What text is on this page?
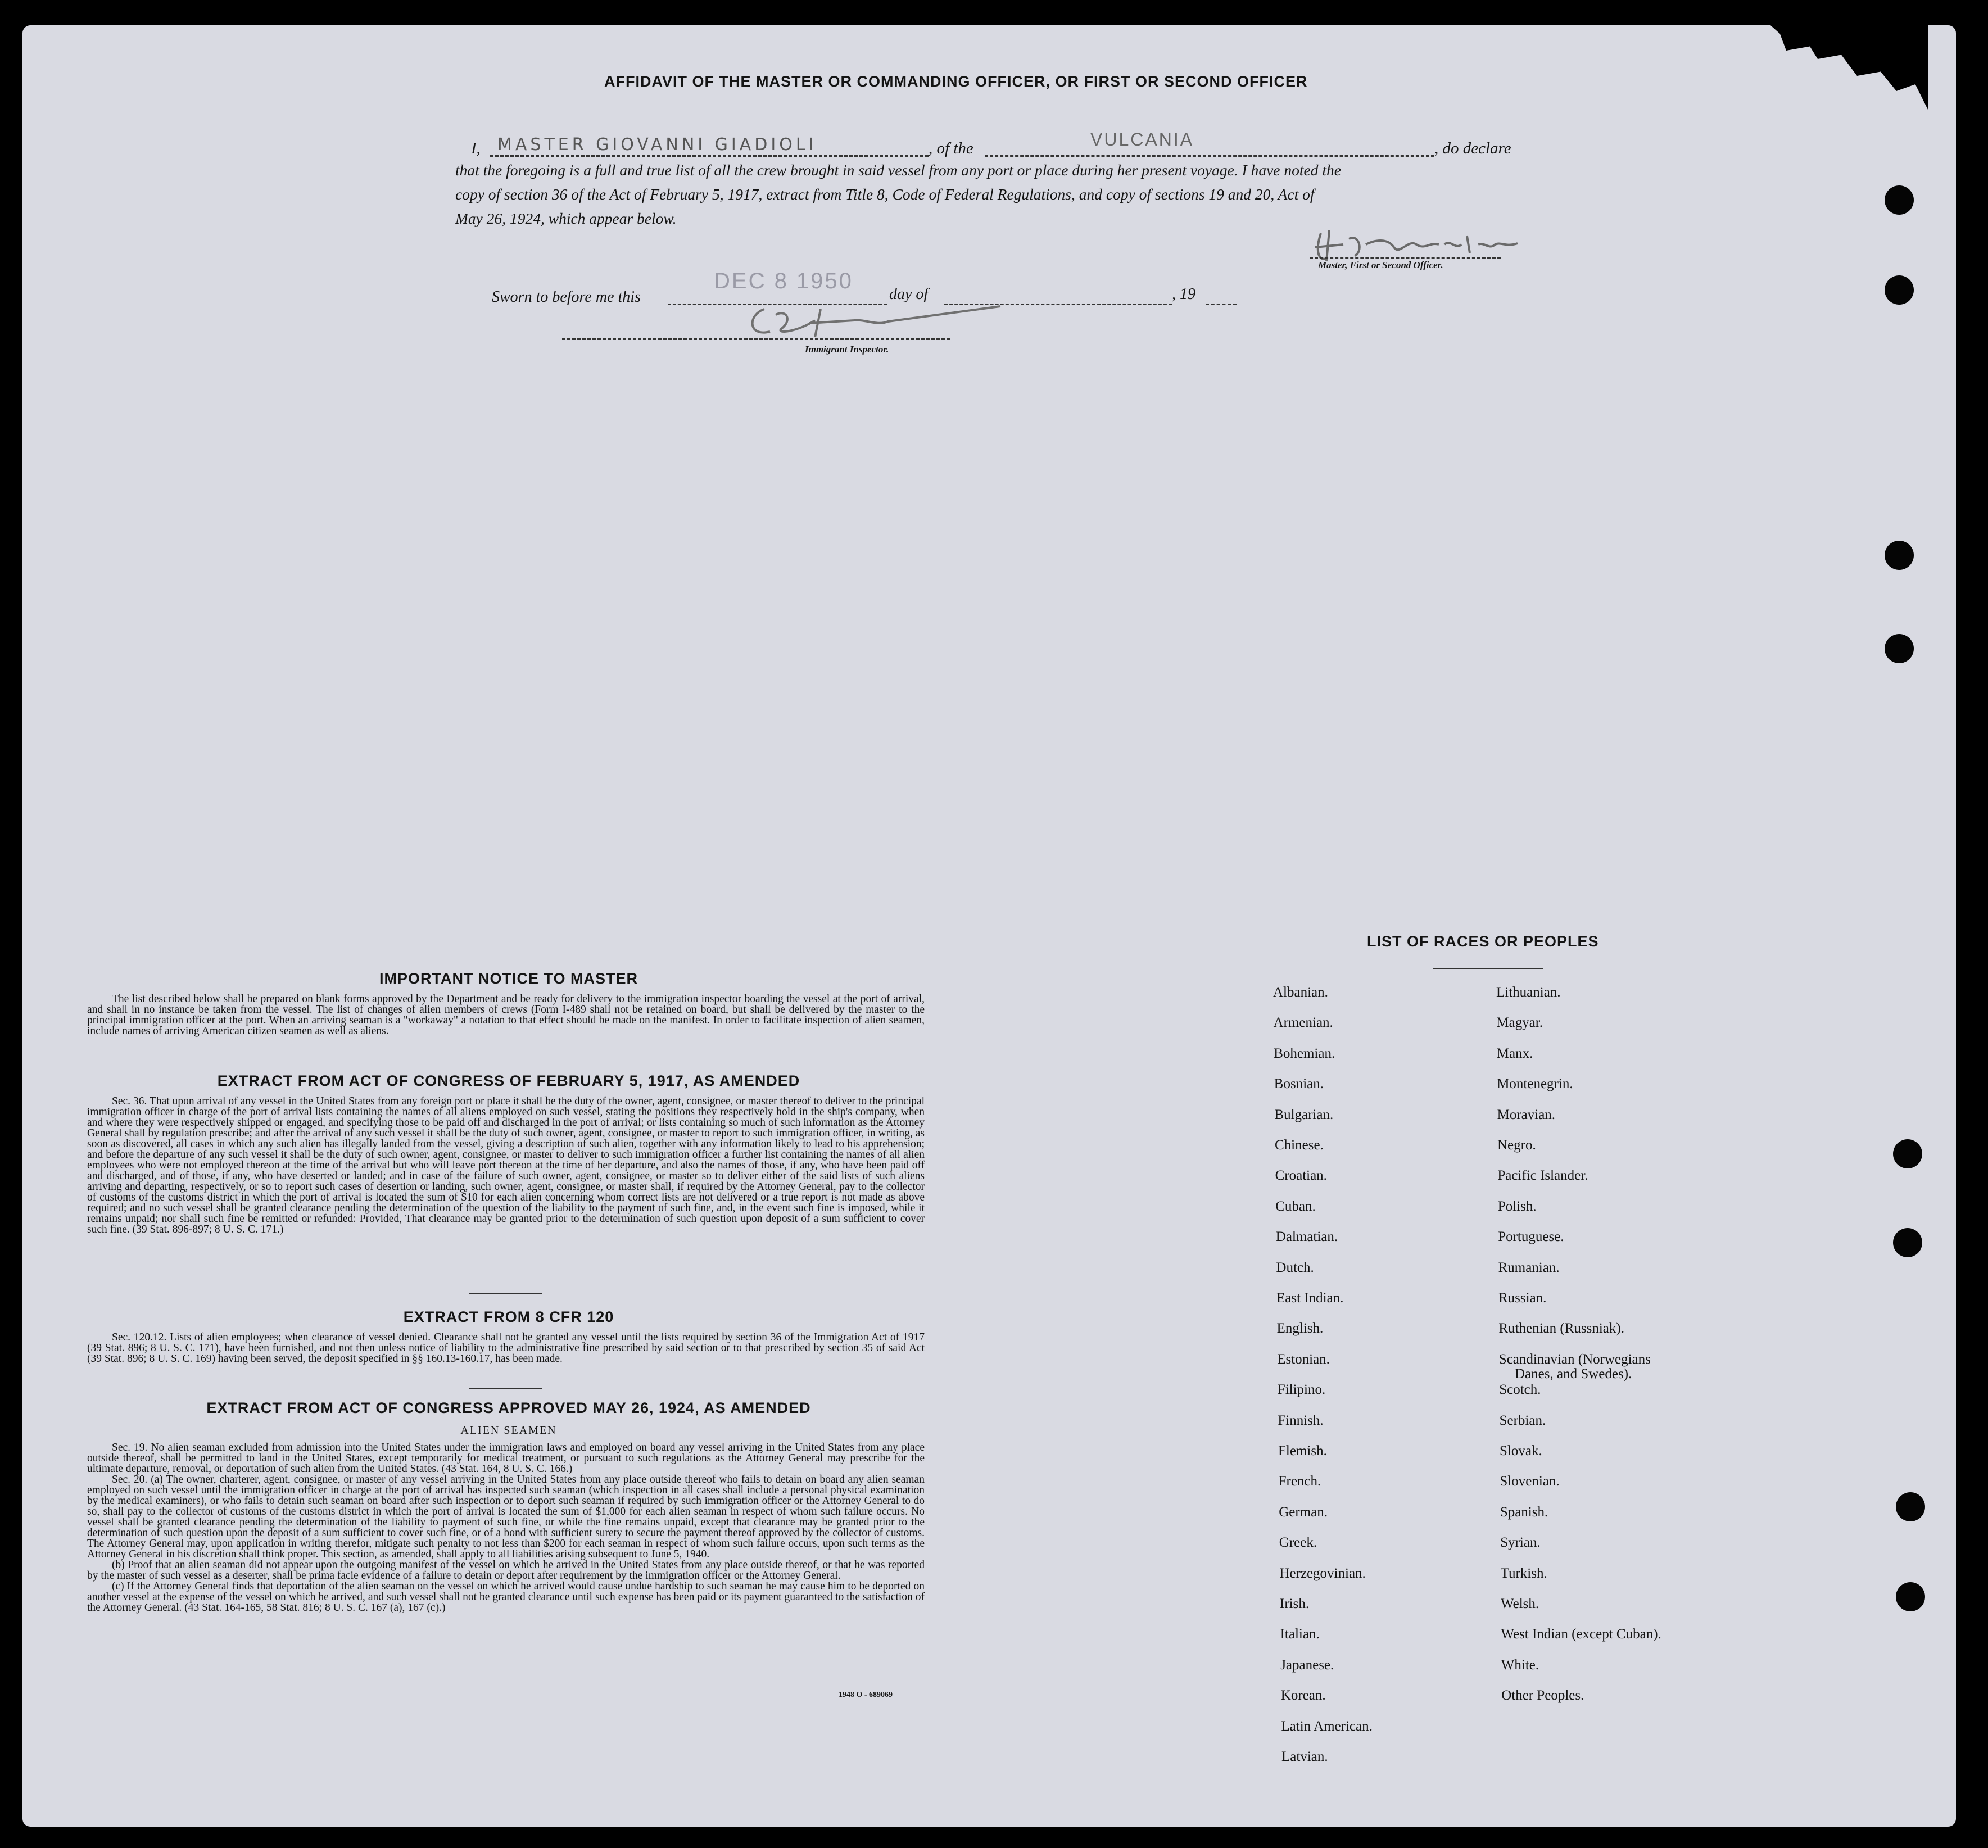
AFFIDAVIT OF THE MASTER OR COMMANDING OFFICER, OR FIRST OR SECOND OFFICER
I, MASTER GIOVANNI GIADIOLI	, of the	VULCANIA	, do declare
that the foregoing is a full and true list of all the crew brought in said vessel from any port or place during her present voyage. I have noted the
copy of section 36 of the Act of February 5, 1917, extract from Title 8, Code of Federal Regulations, and copy of sections 19 and 20, Act of
May 26, 1924, which appear below.
Master, First or Second Officer.
Sworn to before me this
DEC 8 1950
day of	, 19
Immigrant Inspector.
IMPORTANT NOTICE TO MASTER

The list described below shall be prepared on blank forms approved by the Department and be ready for delivery to the immigration inspector boarding the vessel at the port of arrival, and shall in no instance be taken from the vessel. The list of changes of alien members of crews (Form I-489 shall not be retained on board, but shall be delivered by the master to the principal immigration officer at the port. When an arriving seaman is a "workaway" a notation to that effect should be made on the manifest. In order to facilitate inspection of alien seamen, include names of arriving American citizen seamen as well as aliens.

EXTRACT FROM ACT OF CONGRESS OF FEBRUARY 5, 1917, AS AMENDED

Sec. 36. That upon arrival of any vessel in the United States from any foreign port or place it shall be the duty of the owner, agent, consignee, or master thereof to deliver to the principal immigration officer in charge of the port of arrival lists containing the names of all aliens employed on such vessel, stating the positions they respectively hold in the ship's company, when and where they were respectively shipped or engaged, and specifying those to be paid off and discharged in the port of arrival; or lists containing so much of such information as the Attorney General shall by regulation prescribe; and after the arrival of any such vessel it shall be the duty of such owner, agent, consignee, or master to report to such immigration officer, in writing, as soon as discovered, all cases in which any such alien has illegally landed from the vessel, giving a description of such alien, together with any information likely to lead to his apprehension; and before the departure of any such vessel it shall be the duty of such owner, agent, consignee, or master to deliver to such immigration officer a further list containing the names of all alien employees who were not employed thereon at the time of the arrival but who will leave port thereon at the time of her departure, and also the names of those, if any, who have been paid off and discharged, and of those, if any, who have deserted or landed; and in case of the failure of such owner, agent, consignee, or master so to deliver either of the said lists of such aliens arriving and departing, respectively, or so to report such cases of desertion or landing, such owner, agent, consignee, or master shall, if required by the Attorney General, pay to the collector of customs of the customs district in which the port of arrival is located the sum of $10 for each alien concerning whom correct lists are not delivered or a true report is not made as above required; and no such vessel shall be granted clearance pending the determination of the question of the liability to the payment of such fine, and, in the event such fine is imposed, while it remains unpaid; nor shall such fine be remitted or refunded: Provided, That clearance may be granted prior to the determination of such question upon deposit of a sum sufficient to cover such fine. (39 Stat. 896-897; 8 U. S. C. 171.)

EXTRACT FROM 8 CFR 120

Sec. 120.12. Lists of alien employees; when clearance of vessel denied. Clearance shall not be granted any vessel until the lists required by section 36 of the Immigration Act of 1917 (39 Stat. 896; 8 U. S. C. 171), have been furnished, and not then unless notice of liability to the administrative fine prescribed by said section or to that prescribed by section 35 of said Act (39 Stat. 896; 8 U. S. C. 169) having been served, the deposit specified in §§ 160.13-160.17, has been made.

EXTRACT FROM ACT OF CONGRESS APPROVED MAY 26, 1924, AS AMENDED
ALIEN SEAMEN

Sec. 19. No alien seaman excluded from admission into the United States under the immigration laws and employed on board any vessel arriving in the United States from any place outside thereof, shall be permitted to land in the United States, except temporarily for medical treatment, or pursuant to such regulations as the Attorney General may prescribe for the ultimate departure, removal, or deportation of such alien from the United States. (43 Stat. 164, 8 U. S. C. 166.)

Sec. 20. (a) The owner, charterer, agent, consignee, or master of any vessel arriving in the United States from any place outside thereof who fails to detain on board any alien seaman employed on such vessel until the immigration officer in charge at the port of arrival has inspected such seaman (which inspection in all cases shall include a personal physical examination by the medical examiners), or who fails to detain such seaman on board after such inspection or to deport such seaman if required by such immigration officer or the Attorney General to do so, shall pay to the collector of customs of the customs district in which the port of arrival is located the sum of $1,000 for each alien seaman in respect of whom such failure occurs. No vessel shall be granted clearance pending the determination of the liability to payment of such fine, or while the fine remains unpaid, except that clearance may be granted prior to the determination of such question upon the deposit of a sum sufficient to cover such fine, or of a bond with sufficient surety to secure the payment thereof approved by the collector of customs. The Attorney General may, upon application in writing therefor, mitigate such penalty to not less than $200 for each seaman in respect of whom such failure occurs, upon such terms as the Attorney General in his discretion shall think proper. This section, as amended, shall apply to all liabilities arising subsequent to June 5, 1940.

(b) Proof that an alien seaman did not appear upon the outgoing manifest of the vessel on which he arrived in the United States from any place outside thereof, or that he was reported by the master of such vessel as a deserter, shall be prima facie evidence of a failure to detain or deport after requirement by the immigration officer or the Attorney General.

(c) If the Attorney General finds that deportation of the alien seaman on the vessel on which he arrived would cause undue hardship to such seaman he may cause him to be deported on another vessel at the expense of the vessel on which he arrived, and such vessel shall not be granted clearance until such expense has been paid or its payment guaranteed to the satisfaction of the Attorney General. (43 Stat. 164-165, 58 Stat. 816; 8 U. S. C. 167 (a), 167 (c).)

1948 O - 689069
LIST OF RACES OR PEOPLES
Albanian.
Armenian.
Bohemian.
Bosnian.
Bulgarian.
Chinese.
Croatian.
Cuban.
Dalmatian.
Dutch.
East Indian.
English.
Estonian.
Filipino.
Finnish.
Flemish.
French.
German.
Greek.
Herzegovinian.
Irish.
Italian.
Japanese.
Korean.
Latin American.
Latvian.
Lithuanian.
Magyar.
Manx.
Montenegrin.
Moravian.
Negro.
Pacific Islander.
Polish.
Portuguese.
Rumanian.
Russian.
Ruthenian (Russniak).
Scandinavian (Norwegians
Danes, and Swedes).
Scotch.
Serbian.
Slovak.
Slovenian.
Spanish.
Syrian.
Turkish.
Welsh.
West Indian (except Cuban).
White.
Other Peoples.
